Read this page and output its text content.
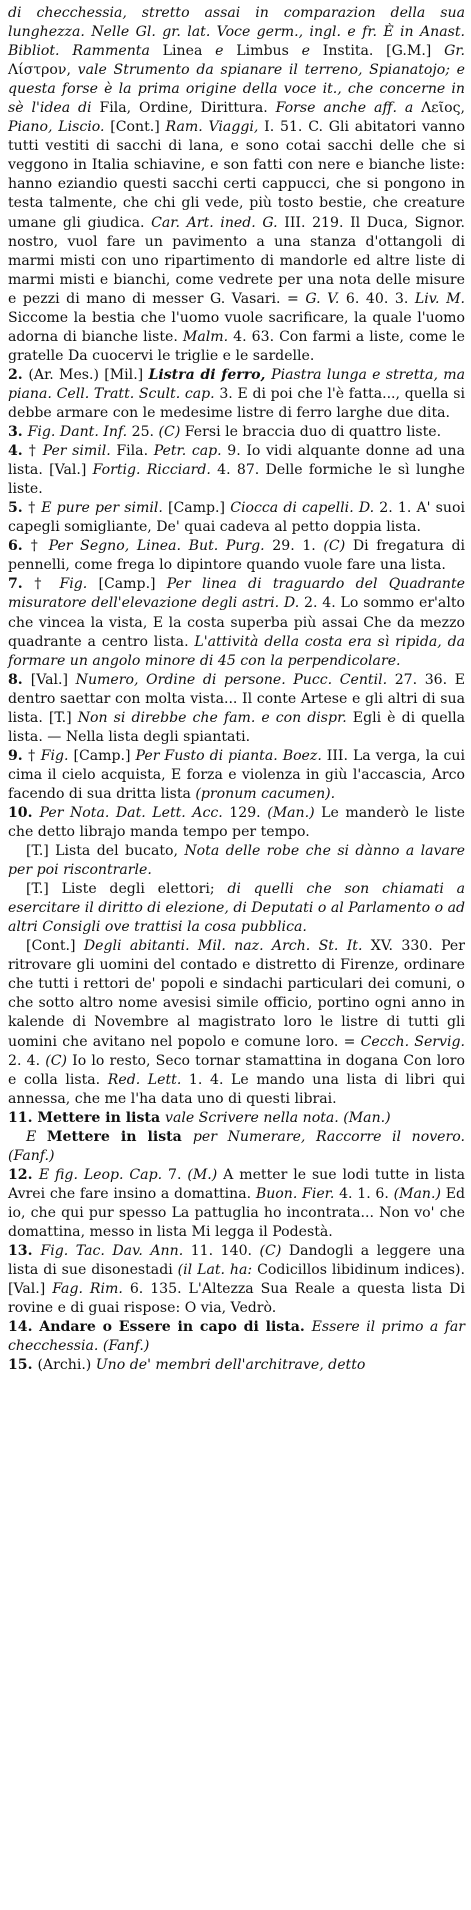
di checchessia, stretto assai in comparazion della sua lunghezza. Nelle Gl. gr. lat. Voce germ., ingl. e fr. È in Anast. Bibliot. Rammenta Linea e Limbus e Instita. [G.M.] Gr. Λίστρον, vale Strumento da spianare il terreno, Spianatojo; e questa forse è la prima origine della voce it., che concerne in sè l'idea di Fila, Ordine, Dirittura. Forse anche aff. a Λεῖος, Piano, Liscio. [Cont.] Ram. Viaggi, I. 51. C. Gli abitatori vanno tutti vestiti di sacchi di lana, e sono cotai sacchi delle che si veggono in Italia schiavine, e son fatti con nere e bianche liste: hanno eziandio questi sacchi certi cappucci, che si pongono in testa talmente, che chi gli vede, più tosto bestie, che creature umane gli giudica. Car. Art. ined. G. III. 219. Il Duca, Signor. nostro, vuol fare un pavimento a una stanza d'ottangoli di marmi misti con uno ripartimento di mandorle ed altre liste di marmi misti e bianchi, come vedrete per una nota delle misure e pezzi di mano di messer G. Vasari. = G. V. 6. 40. 3. Liv. M. Siccome la bestia che l'uomo vuole sacrificare, la quale l'uomo adorna di bianche liste. Malm. 4. 63. Con farmi a liste, come le gratelle Da cuocervi le triglie e le sardelle.

2. (Ar. Mes.) [Mil.] Listra di ferro, Piastra lunga e stretta, ma piana. Cell. Tratt. Scult. cap. 3. E di poi che l'è fatta..., quella si debbe armare con le medesime listre di ferro larghe due dita.

3. Fig. Dant. Inf. 25. (C) Fersi le braccia duo di quattro liste.

4. † Per simil. Fila. Petr. cap. 9. Io vidi alquante donne ad una lista. [Val.] Fortig. Ricciard. 4. 87. Delle formiche le sì lunghe liste.

5. † E pure per simil. [Camp.] Ciocca di capelli. D. 2. 1. A' suoi capegli somigliante, De' quai cadeva al petto doppia lista.

6. † Per Segno, Linea. But. Purg. 29. 1. (C) Di fregatura di pennelli, come frega lo dipintore quando vuole fare una lista.

7. † Fig. [Camp.] Per linea di traguardo del Quadrante misuratore dell'elevazione degli astri. D. 2. 4. Lo sommo er'alto che vincea la vista, E la costa superba più assai Che da mezzo quadrante a centro lista. L'attività della costa era sì ripida, da formare un angolo minore di 45 con la perpendicolare.

8. [Val.] Numero, Ordine di persone. Pucc. Centil. 27. 36. E dentro saettar con molta vista... Il conte Artese e gli altri di sua lista. [T.] Non si direbbe che fam. e con dispr. Egli è di quella lista. — Nella lista degli spiantati.

9. † Fig. [Camp.] Per Fusto di pianta. Boez. III. La verga, la cui cima il cielo acquista, E forza e violenza in giù l'accascia, Arco facendo di sua dritta lista (pronum cacumen).

10. Per Nota. Dat. Lett. Acc. 129. (Man.) Le manderò le liste che detto librajo manda tempo per tempo.

[T.] Lista del bucato, Nota delle robe che si dànno a lavare per poi riscontrarle.

[T.] Liste degli elettori; di quelli che son chiamati a esercitare il diritto di elezione, di Deputati o al Parlamento o ad altri Consigli ove trattisi la cosa pubblica.

[Cont.] Degli abitanti. Mil. naz. Arch. St. It. XV. 330. Per ritrovare gli uomini del contado e distretto di Firenze, ordinare che tutti i rettori de' popoli e sindachi particulari dei comuni, o che sotto altro nome avesisi simile officio, portino ogni anno in kalende di Novembre al magistrato loro le listre di tutti gli uomini che avitano nel popolo e comune loro. = Cecch. Servig. 2. 4. (C) Io lo resto, Seco tornar stamattina in dogana Con loro e colla lista. Red. Lett. 1. 4. Le mando una lista di libri qui annessa, che me l'ha data uno di questi librai.

11. Mettere in lista vale Scrivere nella nota. (Man.)

E Mettere in lista per Numerare, Raccorre il novero. (Fanf.)

12. E fig. Leop. Cap. 7. (M.) A metter le sue lodi tutte in lista Avrei che fare insino a domattina. Buon. Fier. 4. 1. 6. (Man.) Ed io, che qui pur spesso La pattuglia ho incontrata... Non vo' che domattina, messo in lista Mi legga il Podestà.

13. Fig. Tac. Dav. Ann. 11. 140. (C) Dandogli a leggere una lista di sue disonestadi (il Lat. ha: Codicillos libidinum indices). [Val.] Fag. Rim. 6. 135. L'Altezza Sua Reale a questa lista Di rovine e di guai rispose: O via, Vedrò.

14. Andare o Essere in capo di lista. Essere il primo a far checchessia. (Fanf.)

15. (Archi.) Uno de' membri dell'architrave, detto
